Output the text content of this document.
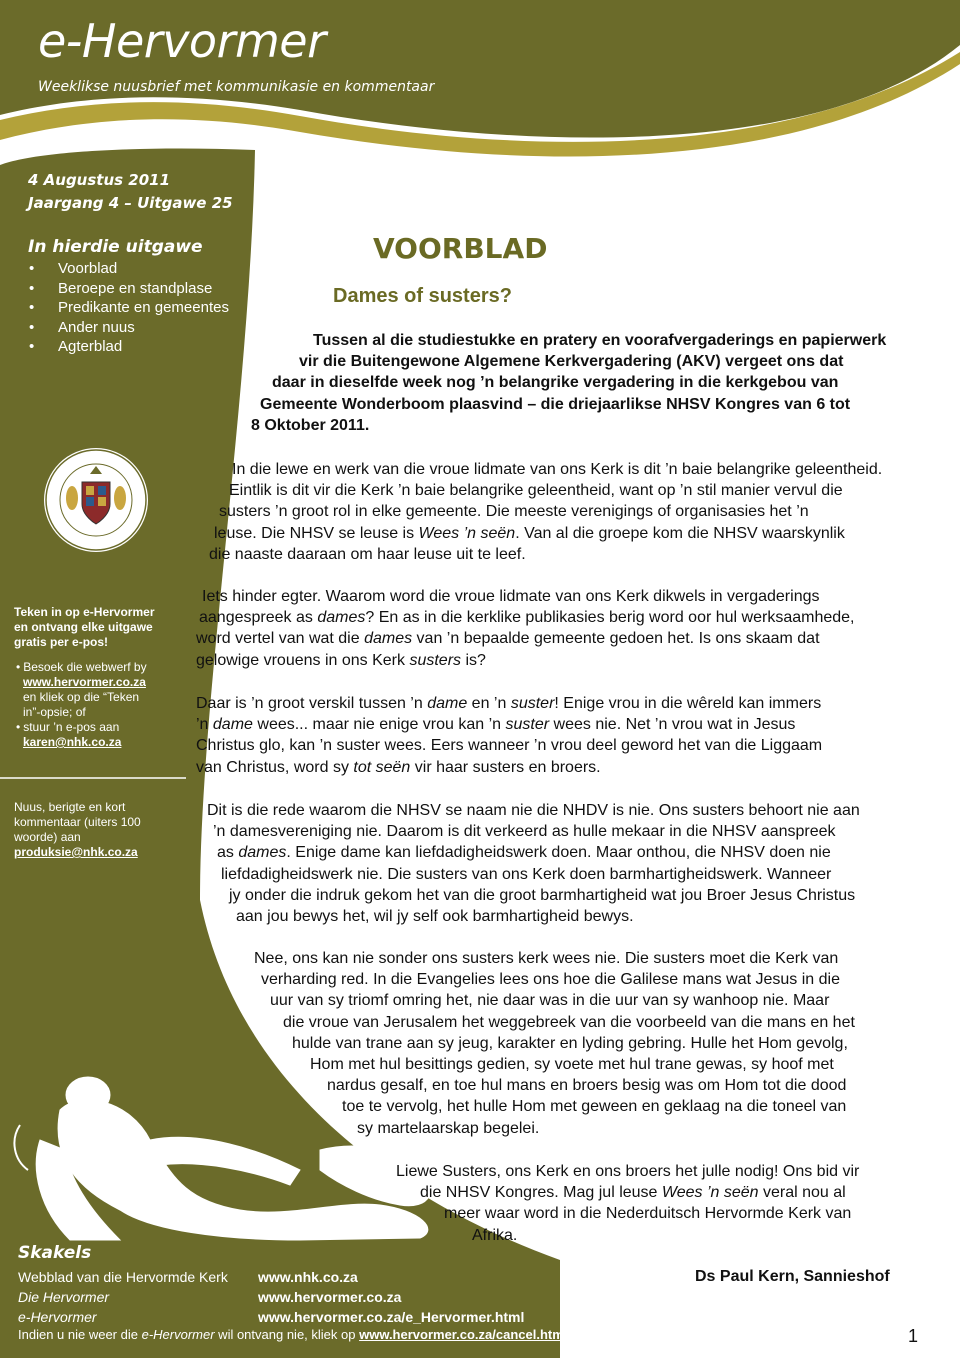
e-Hervormer
Weeklikse nuusbrief met kommunikasie en kommentaar
4 Augustus 2011
Jaargang 4 – Uitgawe 25
In hierdie uitgawe
• Voorblad
• Beroepe en standplase
• Predikante en gemeentes
• Ander nuus
• Agterblad
Teken in op e-Hervormer
en ontvang elke uitgawe
gratis per e-pos!
• Besoek die webwerf by
www.hervormer.co.za
en kliek op die “Teken
in”-opsie; of
• stuur ’n e-pos aan
karen@nhk.co.za
Nuus, berigte en kort
kommentaar (uiters 100
woorde) aan
produksie@nhk.co.za
VOORBLAD
Dames of susters?
Tussen al die studiestukke en pratery en voorafvergaderings en papierwerk
vir die Buitengewone Algemene Kerkvergadering (AKV) vergeet ons dat
daar in dieselfde week nog ’n belangrike vergadering in die kerkgebou van
Gemeente Wonderboom plaasvind – die driejaarlikse NHSV Kongres van 6 tot
8 Oktober 2011.
In die lewe en werk van die vroue lidmate van ons Kerk is dit ’n baie belangrike geleentheid.
Eintlik is dit vir die Kerk ’n baie belangrike geleentheid, want op ’n stil manier vervul die
susters ’n groot rol in elke gemeente. Die meeste verenigings of organisasies het ’n
leuse. Die NHSV se leuse is Wees ’n seën. Van al die groepe kom die NHSV waarskynlik
die naaste daaraan om haar leuse uit te leef.
Iets hinder egter. Waarom word die vroue lidmate van ons Kerk dikwels in vergaderings
aangespreek as dames? En as in die kerklike publikasies berig word oor hul werksaamhede,
word vertel van wat die dames van ’n bepaalde gemeente gedoen het. Is ons skaam dat
gelowige vrouens in ons Kerk susters is?
Daar is ’n groot verskil tussen ’n dame en ’n suster! Enige vrou in die wêreld kan immers
’n dame wees... maar nie enige vrou kan ’n suster wees nie. Net ’n vrou wat in Jesus
Christus glo, kan ’n suster wees. Eers wanneer ’n vrou deel geword het van die Liggaam
van Christus, word sy tot seën vir haar susters en broers.
Dit is die rede waarom die NHSV se naam nie die NHDV is nie. Ons susters behoort nie aan
’n damesvereniging nie. Daarom is dit verkeerd as hulle mekaar in die NHSV aanspreek
as dames. Enige dame kan liefdadigheidswerk doen. Maar onthou, die NHSV doen nie
liefdadigheidswerk nie. Die susters van ons Kerk doen barmhartigheidswerk. Wanneer
jy onder die indruk gekom het van die groot barmhartigheid wat jou Broer Jesus Christus
aan jou bewys het, wil jy self ook barmhartigheid bewys.
Nee, ons kan nie sonder ons susters kerk wees nie. Die susters moet die Kerk van
verharding red. In die Evangelies lees ons hoe die Galilese mans wat Jesus in die
uur van sy triomf omring het, nie daar was in die uur van sy wanhoop nie. Maar
die vroue van Jerusalem het weggebreek van die voorbeeld van die mans en het
hulde van trane aan sy jeug, karakter en lyding gebring. Hulle het Hom gevolg,
Hom met hul besittings gedien, sy voete met hul trane gewas, sy hoof met
nardus gesalf, en toe hul mans en broers besig was om Hom tot die dood
toe te vervolg, het hulle Hom met geween en geklaag na die toneel van
sy martelaarskap begelei.
Liewe Susters, ons Kerk en ons broers het julle nodig! Ons bid vir
die NHSV Kongres. Mag jul leuse Wees ’n seën veral nou al
meer waar word in die Nederduitsch Hervormde Kerk van
Afrika.
Ds Paul Kern, Sannieshof
1
Skakels
Webblad van die Hervormde Kerk
Die Hervormer
e-Hervormer
www.nhk.co.za
www.hervormer.co.za
www.hervormer.co.za/e_Hervormer.html
Indien u nie weer die e-Hervormer wil ontvang nie, kliek op www.hervormer.co.za/cancel.html
